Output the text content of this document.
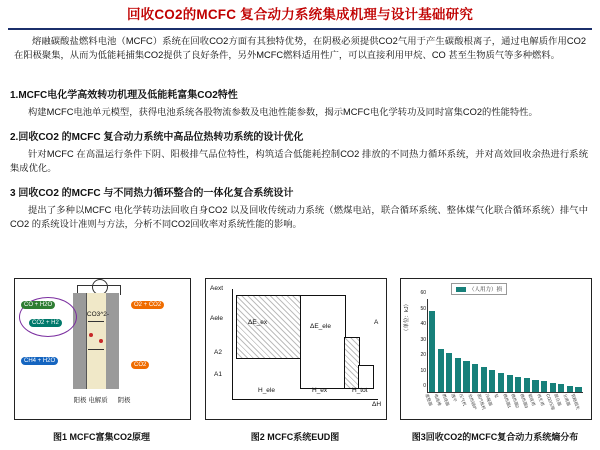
回收CO2的MCFC 复合动力系统集成机理与设计基础研究
熔融碳酸盐燃料电池（MCFC）系统在回收CO2方面有其独特优势，在阴极必须提供CO2气用于产生碳酸根离子，通过电解质作用CO2 在阳极聚集，从而为低能耗捕集CO2提供了良好条件，另外MCFC燃料适用性广，可以直接利用甲烷、CO 甚至生物质气等多种燃料。
1.MCFC电化学高效转功机理及低能耗富集CO2特性
构建MCFC电池单元模型，获得电池系统各股物流参数及电池性能参数，揭示MCFC电化学转功及同时富集CO2的性能特性。
2.回收CO2 的MCFC 复合动力系统中高品位热转功系统的设计优化
针对MCFC 在高温运行条件下阴、阳极排气品位特性，构筑适合低能耗控制CO2 排放的不同热力循环系统，并对高效回收余热进行系统集成优化。
3 回收CO2 的MCFC 与不同热力循环整合的一体化复合系统设计
提出了多种以MCFC 电化学转功法回收自身CO2 以及回收传统动力系统（燃煤电站，联合循环系统、整体煤气化联合循环系统）排气中CO2 的系统设计准则与方法，分析不同CO2回收率对系统性能的影响。
CO3^2-
CO + H2O
CO2 + H2
CH4 + H2O
O2 + CO2
CO2
阳极 电解质	阴极
图1 MCFC富集CO2原理
Aext
Aele
A2
A1
ΔH
A
ΔE_ex
ΔE_ele
H_ele	H_ex	H_tot
图2 MCFC系统EUD图
（人用力）损
（单位：kJ）
0
10
20
30
40
50
60
重整器 电池堆 燃烧器 透平 压气机 余热锅炉
蒸汽轮机
冷凝器 泵 换热器1
换热器2
换热器3
吸收塔 再生塔 CO2压缩
混合器 分离器 管路损失
图3回收CO2的MCFC复合动力系统熵分布
